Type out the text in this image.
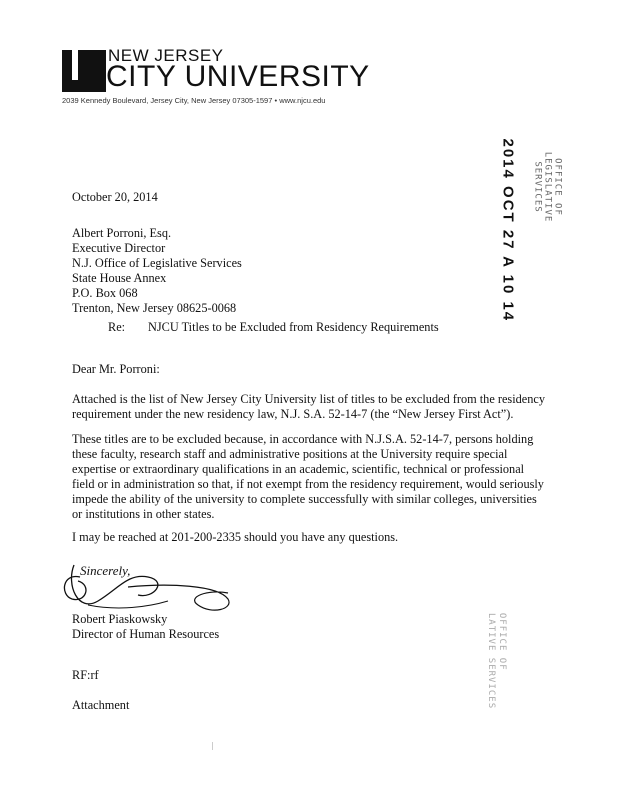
NEW JERSEY
CITY UNIVERSITY
2039 Kennedy Boulevard, Jersey City, New Jersey 07305-1597 • www.njcu.edu
2014 OCT 27 A 10 14	OFFICE OF
LEGISLATIVE
SERVICES
October 20, 2014
Albert Porroni, Esq.
Executive Director
N.J. Office of Legislative Services
State House Annex
P.O. Box 068
Trenton, New Jersey 08625-0068
Re: NJCU Titles to be Excluded from Residency Requirements
Dear Mr. Porroni:
Attached is the list of New Jersey City University list of titles to be excluded from the residency requirement under the new residency law, N.J. S.A. 52-14-7 (the “New Jersey First Act”).
These titles are to be excluded because, in accordance with N.J.S.A. 52-14-7, persons holding these faculty, research staff and administrative positions at the University require special expertise or extraordinary qualifications in an academic, scientific, technical or professional field or in administration so that, if not exempt from the residency requirement, would seriously impede the ability of the university to complete successfully with similar colleges, universities or institutions in other states.
I may be reached at 201-200-2335 should you have any questions.
Sincerely,
Robert Piaskowsky
Director of Human Resources
RF:rf
Attachment
OFFICE OF
LATIVE SERVICES
